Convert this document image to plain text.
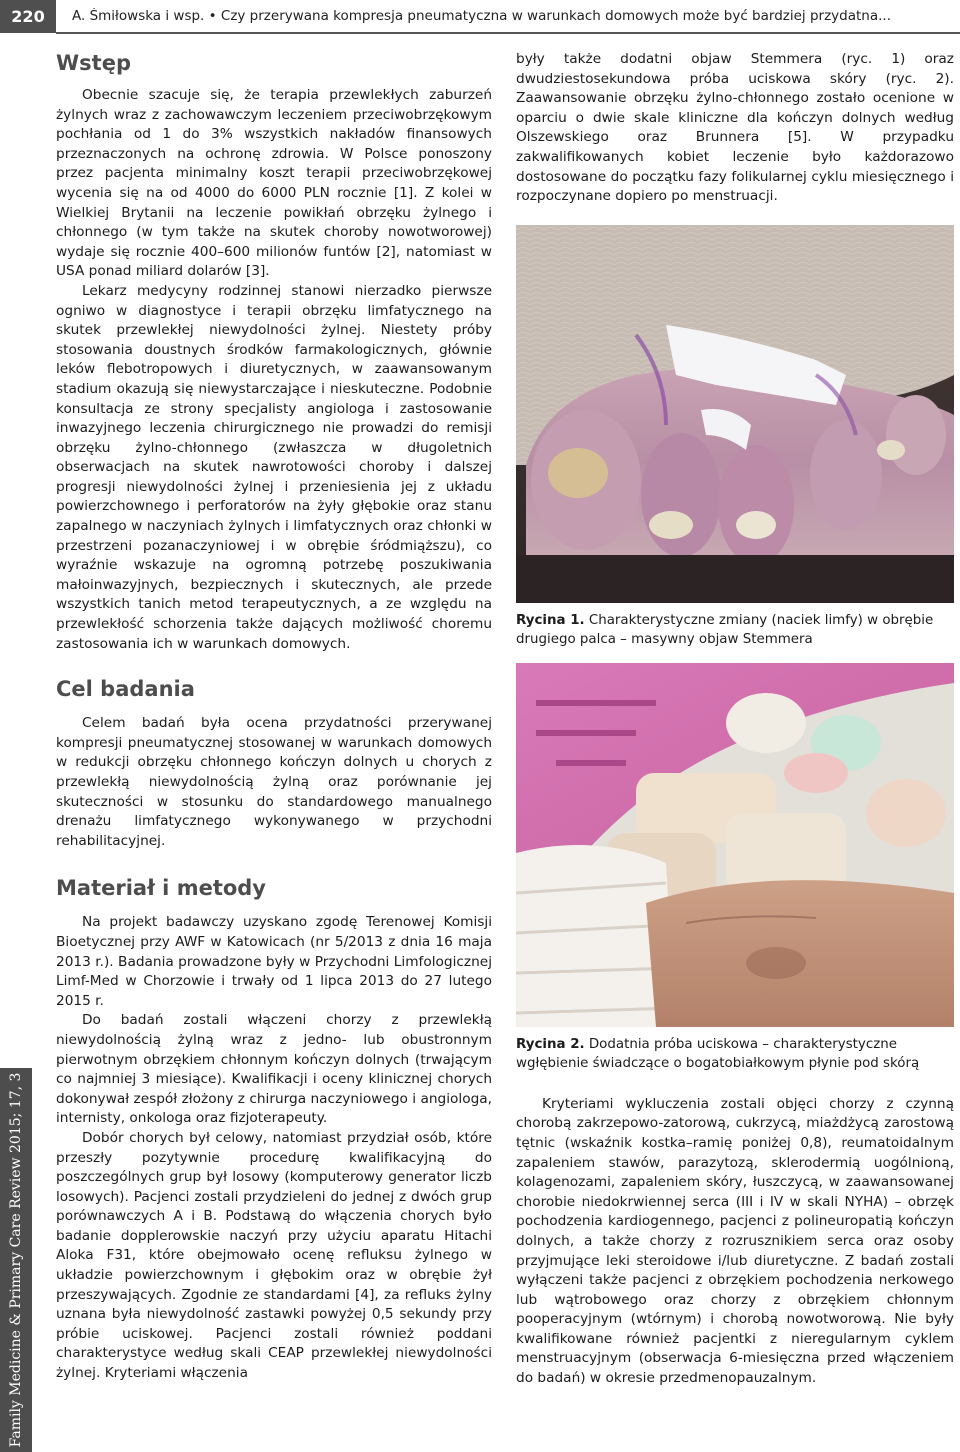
220	A. Śmiłowska i wsp. • Czy przerywana kompresja pneumatyczna w warunkach domowych może być bardziej przydatna...
Family Medicine & Primary Care Review 2015; 17, 3
Wstęp

Obecnie szacuje się, że terapia przewlekłych zaburzeń żylnych wraz z zachowawczym leczeniem przeciwobrzękowym pochłania od 1 do 3% wszystkich nakładów finansowych przeznaczonych na ochronę zdrowia. W Polsce ponoszony przez pacjenta minimalny koszt terapii przeciwobrzękowej wycenia się na od 4000 do 6000 PLN rocznie [1]. Z kolei w Wielkiej Brytanii na leczenie powikłań obrzęku żylnego i chłonnego (w tym także na skutek choroby nowotworowej) wydaje się rocznie 400–600 milionów funtów [2], natomiast w USA ponad miliard dolarów [3].

Lekarz medycyny rodzinnej stanowi nierzadko pierwsze ogniwo w diagnostyce i terapii obrzęku limfatycznego na skutek przewlekłej niewydolności żylnej. Niestety próby stosowania doustnych środków farmakologicznych, głównie leków flebotropowych i diuretycznych, w zaawansowanym stadium okazują się niewystarczające i nieskuteczne. Podobnie konsultacja ze strony specjalisty angiologa i zastosowanie inwazyjnego leczenia chirurgicznego nie prowadzi do remisji obrzęku żylno-chłonnego (zwłaszcza w długoletnich obserwacjach na skutek nawrotowości choroby i dalszej progresji niewydolności żylnej i przeniesienia jej z układu powierzchownego i perforatorów na żyły głębokie oraz stanu zapalnego w naczyniach żylnych i limfatycznych oraz chłonki w przestrzeni pozanaczyniowej i w obrębie śródmiąższu), co wyraźnie wskazuje na ogromną potrzebę poszukiwania małoinwazyjnych, bezpiecznych i skutecznych, ale przede wszystkich tanich metod terapeutycznych, a ze względu na przewlekłość schorzenia także dających możliwość choremu zastosowania ich w warunkach domowych.

Cel badania

Celem badań była ocena przydatności przerywanej kompresji pneumatycznej stosowanej w warunkach domowych w redukcji obrzęku chłonnego kończyn dolnych u chorych z przewlekłą niewydolnością żylną oraz porównanie jej skuteczności w stosunku do standardowego manualnego drenażu limfatycznego wykonywanego w przychodni rehabilitacyjnej.

Materiał i metody

Na projekt badawczy uzyskano zgodę Terenowej Komisji Bioetycznej przy AWF w Katowicach (nr 5/2013 z dnia 16 maja 2013 r.). Badania prowadzone były w Przychodni Limfologicznej Limf-Med w Chorzowie i trwały od 1 lipca 2013 do 27 lutego 2015 r.

Do badań zostali włączeni chorzy z przewlekłą niewydolnością żylną wraz z jedno- lub obustronnym pierwotnym obrzękiem chłonnym kończyn dolnych (trwającym co najmniej 3 miesiące). Kwalifikacji i oceny klinicznej chorych dokonywał zespół złożony z chirurga naczyniowego i angiologa, internisty, onkologa oraz fizjoterapeuty.

Dobór chorych był celowy, natomiast przydział osób, które przeszły pozytywnie procedurę kwalifikacyjną do poszczególnych grup był losowy (komputerowy generator liczb losowych). Pacjenci zostali przydzieleni do jednej z dwóch grup porównawczych A i B. Podstawą do włączenia chorych było badanie dopplerowskie naczyń przy użyciu aparatu Hitachi Aloka F31, które obejmowało ocenę refluksu żylnego w układzie powierzchownym i głębokim oraz w obrębie żył przeszywających. Zgodnie ze standardami [4], za refluks żylny uznana była niewydolność zastawki powyżej 0,5 sekundy przy próbie uciskowej. Pacjenci zostali również poddani charakterystyce według skali CEAP przewlekłej niewydolności żylnej. Kryteriami włączenia

były także dodatni objaw Stemmera (ryc. 1) oraz dwudziestosekundowa próba uciskowa skóry (ryc. 2). Zaawansowanie obrzęku żylno-chłonnego zostało ocenione w oparciu o dwie skale kliniczne dla kończyn dolnych według Olszewskiego oraz Brunnera [5]. W przypadku zakwalifikowanych kobiet leczenie było każdorazowo dostosowane do początku fazy folikularnej cyklu miesięcznego i rozpoczynane dopiero po menstruacji.

Rycina 1. Charakterystyczne zmiany (naciek limfy) w obrębie drugiego palca – masywny objaw Stemmera
Rycina 2. Dodatnia próba uciskowa – charakterystyczne wgłębienie świadczące o bogatobiałkowym płynie pod skórą

Kryteriami wykluczenia zostali objęci chorzy z czynną chorobą zakrzepowo-zatorową, cukrzycą, miażdżycą zarostową tętnic (wskaźnik kostka–ramię poniżej 0,8), reumatoidalnym zapaleniem stawów, parazytozą, sklerodermią uogólnioną, kolagenozami, zapaleniem skóry, łuszczycą, w zaawansowanej chorobie niedokrwiennej serca (III i IV w skali NYHA) – obrzęk pochodzenia kardiogennego, pacjenci z polineuropatią kończyn dolnych, a także chorzy z rozrusznikiem serca oraz osoby przyjmujące leki steroidowe i/lub diuretyczne. Z badań zostali wyłączeni także pacjenci z obrzękiem pochodzenia nerkowego lub wątrobowego oraz chorzy z obrzękiem chłonnym pooperacyjnym (wtórnym) i chorobą nowotworową. Nie były kwalifikowane również pacjentki z nieregularnym cyklem menstruacyjnym (obserwacja 6-miesięczna przed włączeniem do badań) w okresie przedmenopauzalnym.
